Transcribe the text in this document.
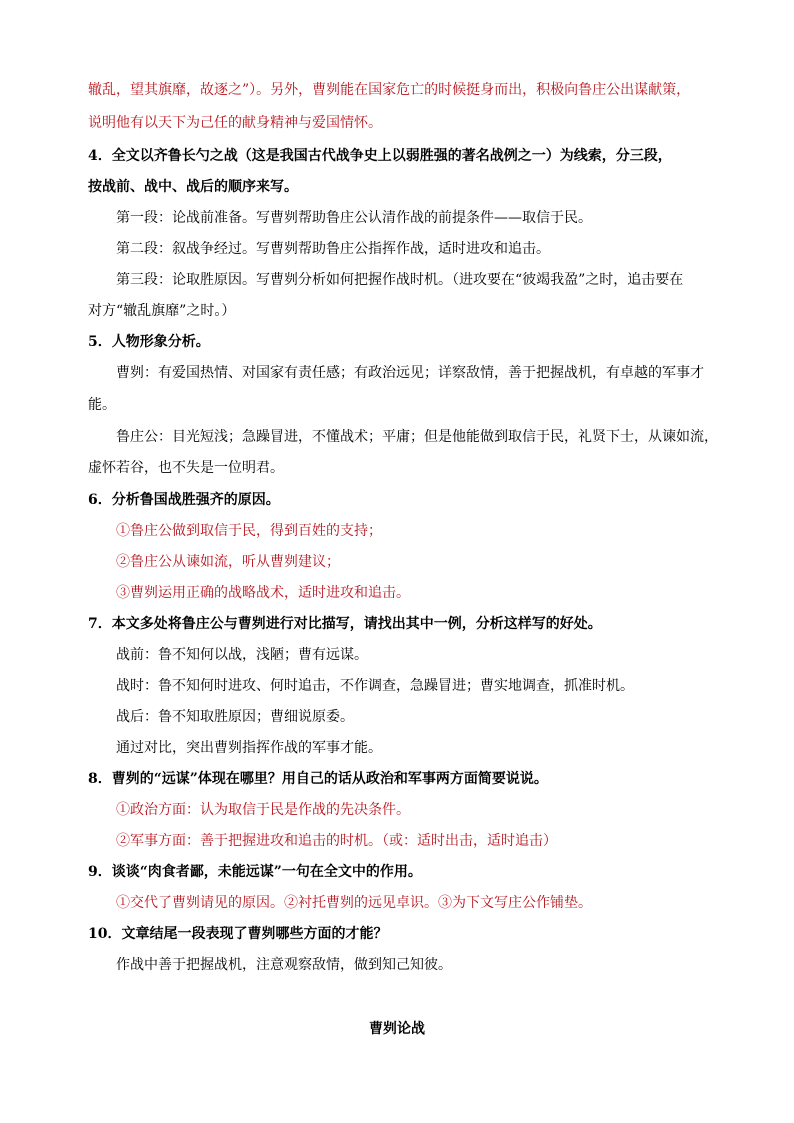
辙乱，望其旗靡，故逐之”）。另外，曹刿能在国家危亡的时候挺身而出，积极向鲁庄公出谋献策，
说明他有以天下为己任的献身精神与爱国情怀。
4．全文以齐鲁长勺之战（这是我国古代战争史上以弱胜强的著名战例之一）为线索，分三段，
按战前、战中、战后的顺序来写。
第一段：论战前准备。写曹刿帮助鲁庄公认清作战的前提条件——取信于民。
第二段：叙战争经过。写曹刿帮助鲁庄公指挥作战，适时进攻和追击。
第三段：论取胜原因。写曹刿分析如何把握作战时机。（进攻要在“彼竭我盈”之时，追击要在
对方“辙乱旗靡”之时。）
5．人物形象分析。
曹刿：有爱国热情、对国家有责任感；有政治远见；详察敌情，善于把握战机，有卓越的军事才
能。
鲁庄公：目光短浅；急躁冒进，不懂战术；平庸；但是他能做到取信于民，礼贤下士，从谏如流，
虚怀若谷，也不失是一位明君。
6．分析鲁国战胜强齐的原因。
①鲁庄公做到取信于民，得到百姓的支持；
②鲁庄公从谏如流，听从曹刿建议；
③曹刿运用正确的战略战术，适时进攻和追击。
7．本文多处将鲁庄公与曹刿进行对比描写，请找出其中一例，分析这样写的好处。
战前：鲁不知何以战，浅陋；曹有远谋。
战时：鲁不知何时进攻、何时追击，不作调查，急躁冒进；曹实地调查，抓准时机。
战后：鲁不知取胜原因；曹细说原委。
通过对比，突出曹刿指挥作战的军事才能。
8．曹刿的“远谋”体现在哪里？用自己的话从政治和军事两方面简要说说。
①政治方面：认为取信于民是作战的先决条件。
②军事方面：善于把握进攻和追击的时机。（或：适时出击，适时追击）
9．谈谈“肉食者鄙，未能远谋”一句在全文中的作用。
①交代了曹刿请见的原因。②衬托曹刿的远见卓识。③为下文写庄公作铺垫。
10．文章结尾一段表现了曹刿哪些方面的才能？
作战中善于把握战机，注意观察敌情，做到知己知彼。
曹刿论战
